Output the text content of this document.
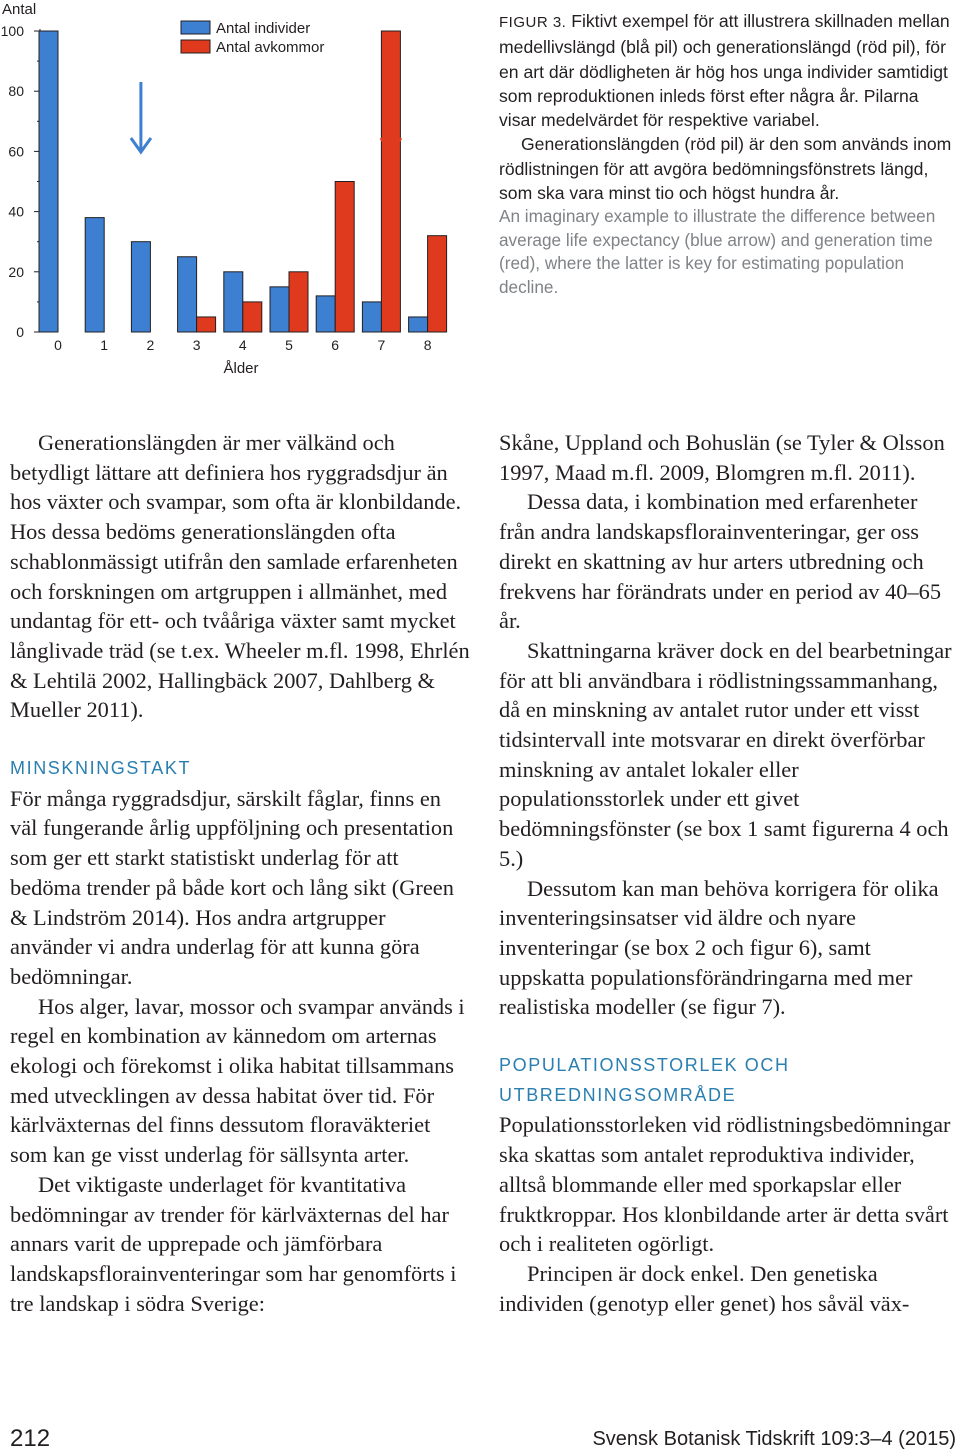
Antal
0
20
40
60
80
100
0	1	2	3	4	5	6	7	8
Antal individer
Antal avkommor
Ålder

FIGUR 3. Fiktivt exempel för att illustrera skillnaden mellan medellivslängd (blå pil) och generationslängd (röd pil), för en art där dödligheten är hög hos unga individer samtidigt som reproduktionen inleds först efter några år. Pilarna visar medelvärdet för respektive variabel.

Generationslängden (röd pil) är den som används inom rödlistningen för att avgöra bedömningsfönstrets längd, som ska vara minst tio och högst hundra år.

An imaginary example to illustrate the difference between average life expectancy (blue arrow) and generation time (red), where the latter is key for estimating population decline.

Generationslängden är mer välkänd och betydligt lättare att definiera hos ryggradsdjur än hos växter och svampar, som ofta är klonbildande. Hos dessa bedöms generationslängden ofta schablonmässigt utifrån den samlade erfarenheten och forskningen om artgruppen i allmänhet, med undantag för ett- och tvååriga växter samt mycket långlivade träd (se t.ex. Wheeler m.fl. 1998, Ehrlén & Lehtilä 2002, Hallingbäck 2007, Dahlberg & Mueller 2011).

MINSKNINGSTAKT

För många ryggradsdjur, särskilt fåglar, finns en väl fungerande årlig uppföljning och presentation som ger ett starkt statistiskt underlag för att bedöma trender på både kort och lång sikt (Green & Lindström 2014). Hos andra artgrupper använder vi andra underlag för att kunna göra bedömningar.

Hos alger, lavar, mossor och svampar används i regel en kombination av kännedom om arternas ekologi och förekomst i olika habitat tillsammans med utvecklingen av dessa habitat över tid. För kärlväxternas del finns dessutom floraväkteriet som kan ge visst underlag för sällsynta arter.

Det viktigaste underlaget för kvantitativa bedömningar av trender för kärlväxternas del har annars varit de upprepade och jämförbara landskapsflorainventeringar som har genomförts i tre landskap i södra Sverige:

Skåne, Uppland och Bohuslän (se Tyler & Olsson 1997, Maad m.fl. 2009, Blomgren m.fl. 2011).

Dessa data, i kombination med erfarenheter från andra landskapsflorainventeringar, ger oss direkt en skattning av hur arters utbredning och frekvens har förändrats under en period av 40–65 år.

Skattningarna kräver dock en del bearbetningar för att bli användbara i rödlistningssammanhang, då en minskning av antalet rutor under ett visst tidsintervall inte motsvarar en direkt överförbar minskning av antalet lokaler eller populationsstorlek under ett givet bedömningsfönster (se box 1 samt figurerna 4 och 5.)

Dessutom kan man behöva korrigera för olika inventeringsinsatser vid äldre och nyare inventeringar (se box 2 och figur 6), samt uppskatta populationsförändringarna med mer realistiska modeller (se figur 7).

POPULATIONSSTORLEK OCH
UTBREDNINGSOMRÅDE

Populationsstorleken vid rödlistningsbedömningar ska skattas som antalet reproduktiva individer, alltså blommande eller med sporkapslar eller fruktkroppar. Hos klonbildande arter är detta svårt och i realiteten ogörligt.

Principen är dock enkel. Den genetiska individen (genotyp eller genet) hos såväl väx-

212	Svensk Botanisk Tidskrift 109:3–4 (2015)
